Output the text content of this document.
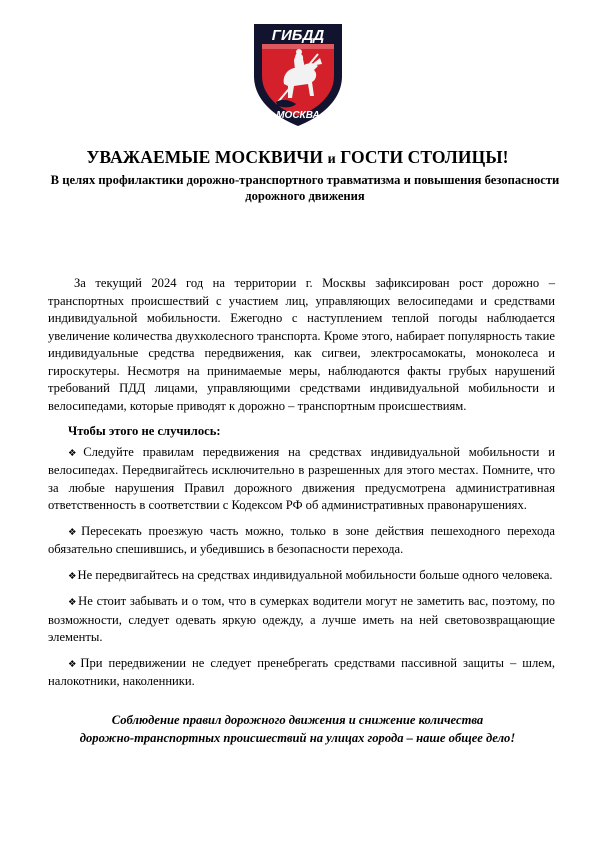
ГИБДД
МОСКВА
УВАЖАЕМЫЕ МОСКВИЧИ и ГОСТИ СТОЛИЦЫ!
В целях профилактики дорожно-транспортного травматизма и повышения безопасности дорожного движения

За текущий 2024 год на территории г. Москвы зафиксирован рост дорожно – транспортных происшествий с участием лиц, управляющих велосипедами и средствами индивидуальной мобильности. Ежегодно с наступлением теплой погоды наблюдается увеличение количества двухколесного транспорта. Кроме этого, набирает популярность такие индивидуальные средства передвижения, как сигвеи, электросамокаты, моноколеса и гироскутеры. Несмотря на принимаемые меры, наблюдаются факты грубых нарушений требований ПДД лицами, управляющими средствами индивидуальной мобильности и велосипедами, которые приводят к дорожно – транспортным происшествиям.

Чтобы этого не случилось:

❖Следуйте правилам передвижения на средствах индивидуальной мобильности и велосипедах. Передвигайтесь исключительно в разрешенных для этого местах. Помните, что за любые нарушения Правил дорожного движения предусмотрена административная ответственность в соответствии с Кодексом РФ об административных правонарушениях.

❖Пересекать проезжую часть можно, только в зоне действия пешеходного перехода обязательно спешившись, и убедившись в безопасности перехода.

❖Не передвигайтесь на средствах индивидуальной мобильности больше одного человека.

❖Не стоит забывать и о том, что в сумерках водители могут не заметить вас, поэтому, по возможности, следует одевать яркую одежду, а лучше иметь на ней световозвращающие элементы.

❖При передвижении не следует пренебрегать средствами пассивной защиты – шлем, налокотники, наколенники.

Соблюдение правил дорожного движения и снижение количества
дорожно-транспортных происшествий на улицах города – наше общее дело!
